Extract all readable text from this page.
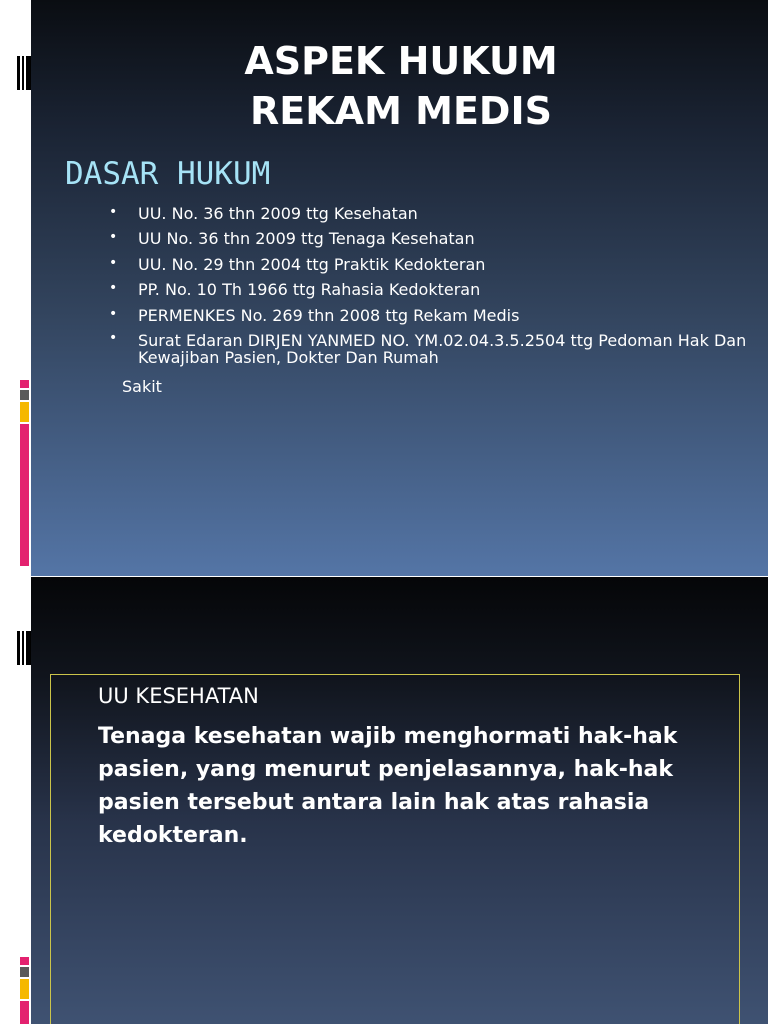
ASPEK HUKUM
REKAM MEDIS
DASAR HUKUM
• UU. No. 36 thn 2009 ttg Kesehatan
• UU No. 36 thn 2009 ttg Tenaga Kesehatan
• UU. No. 29 thn 2004 ttg Praktik Kedokteran
• PP. No. 10 Th 1966 ttg Rahasia Kedokteran
• PERMENKES No. 269 thn 2008 ttg Rekam Medis
• Surat Edaran DIRJEN YANMED NO. YM.02.04.3.5.2504 ttg Pedoman Hak Dan Kewajiban Pasien, Dokter Dan Rumah
Sakit
UU KESEHATAN
Tenaga kesehatan wajib menghormati hak-hak pasien, yang menurut penjelasannya, hak-hak pasien tersebut antara lain hak atas rahasia kedokteran.
